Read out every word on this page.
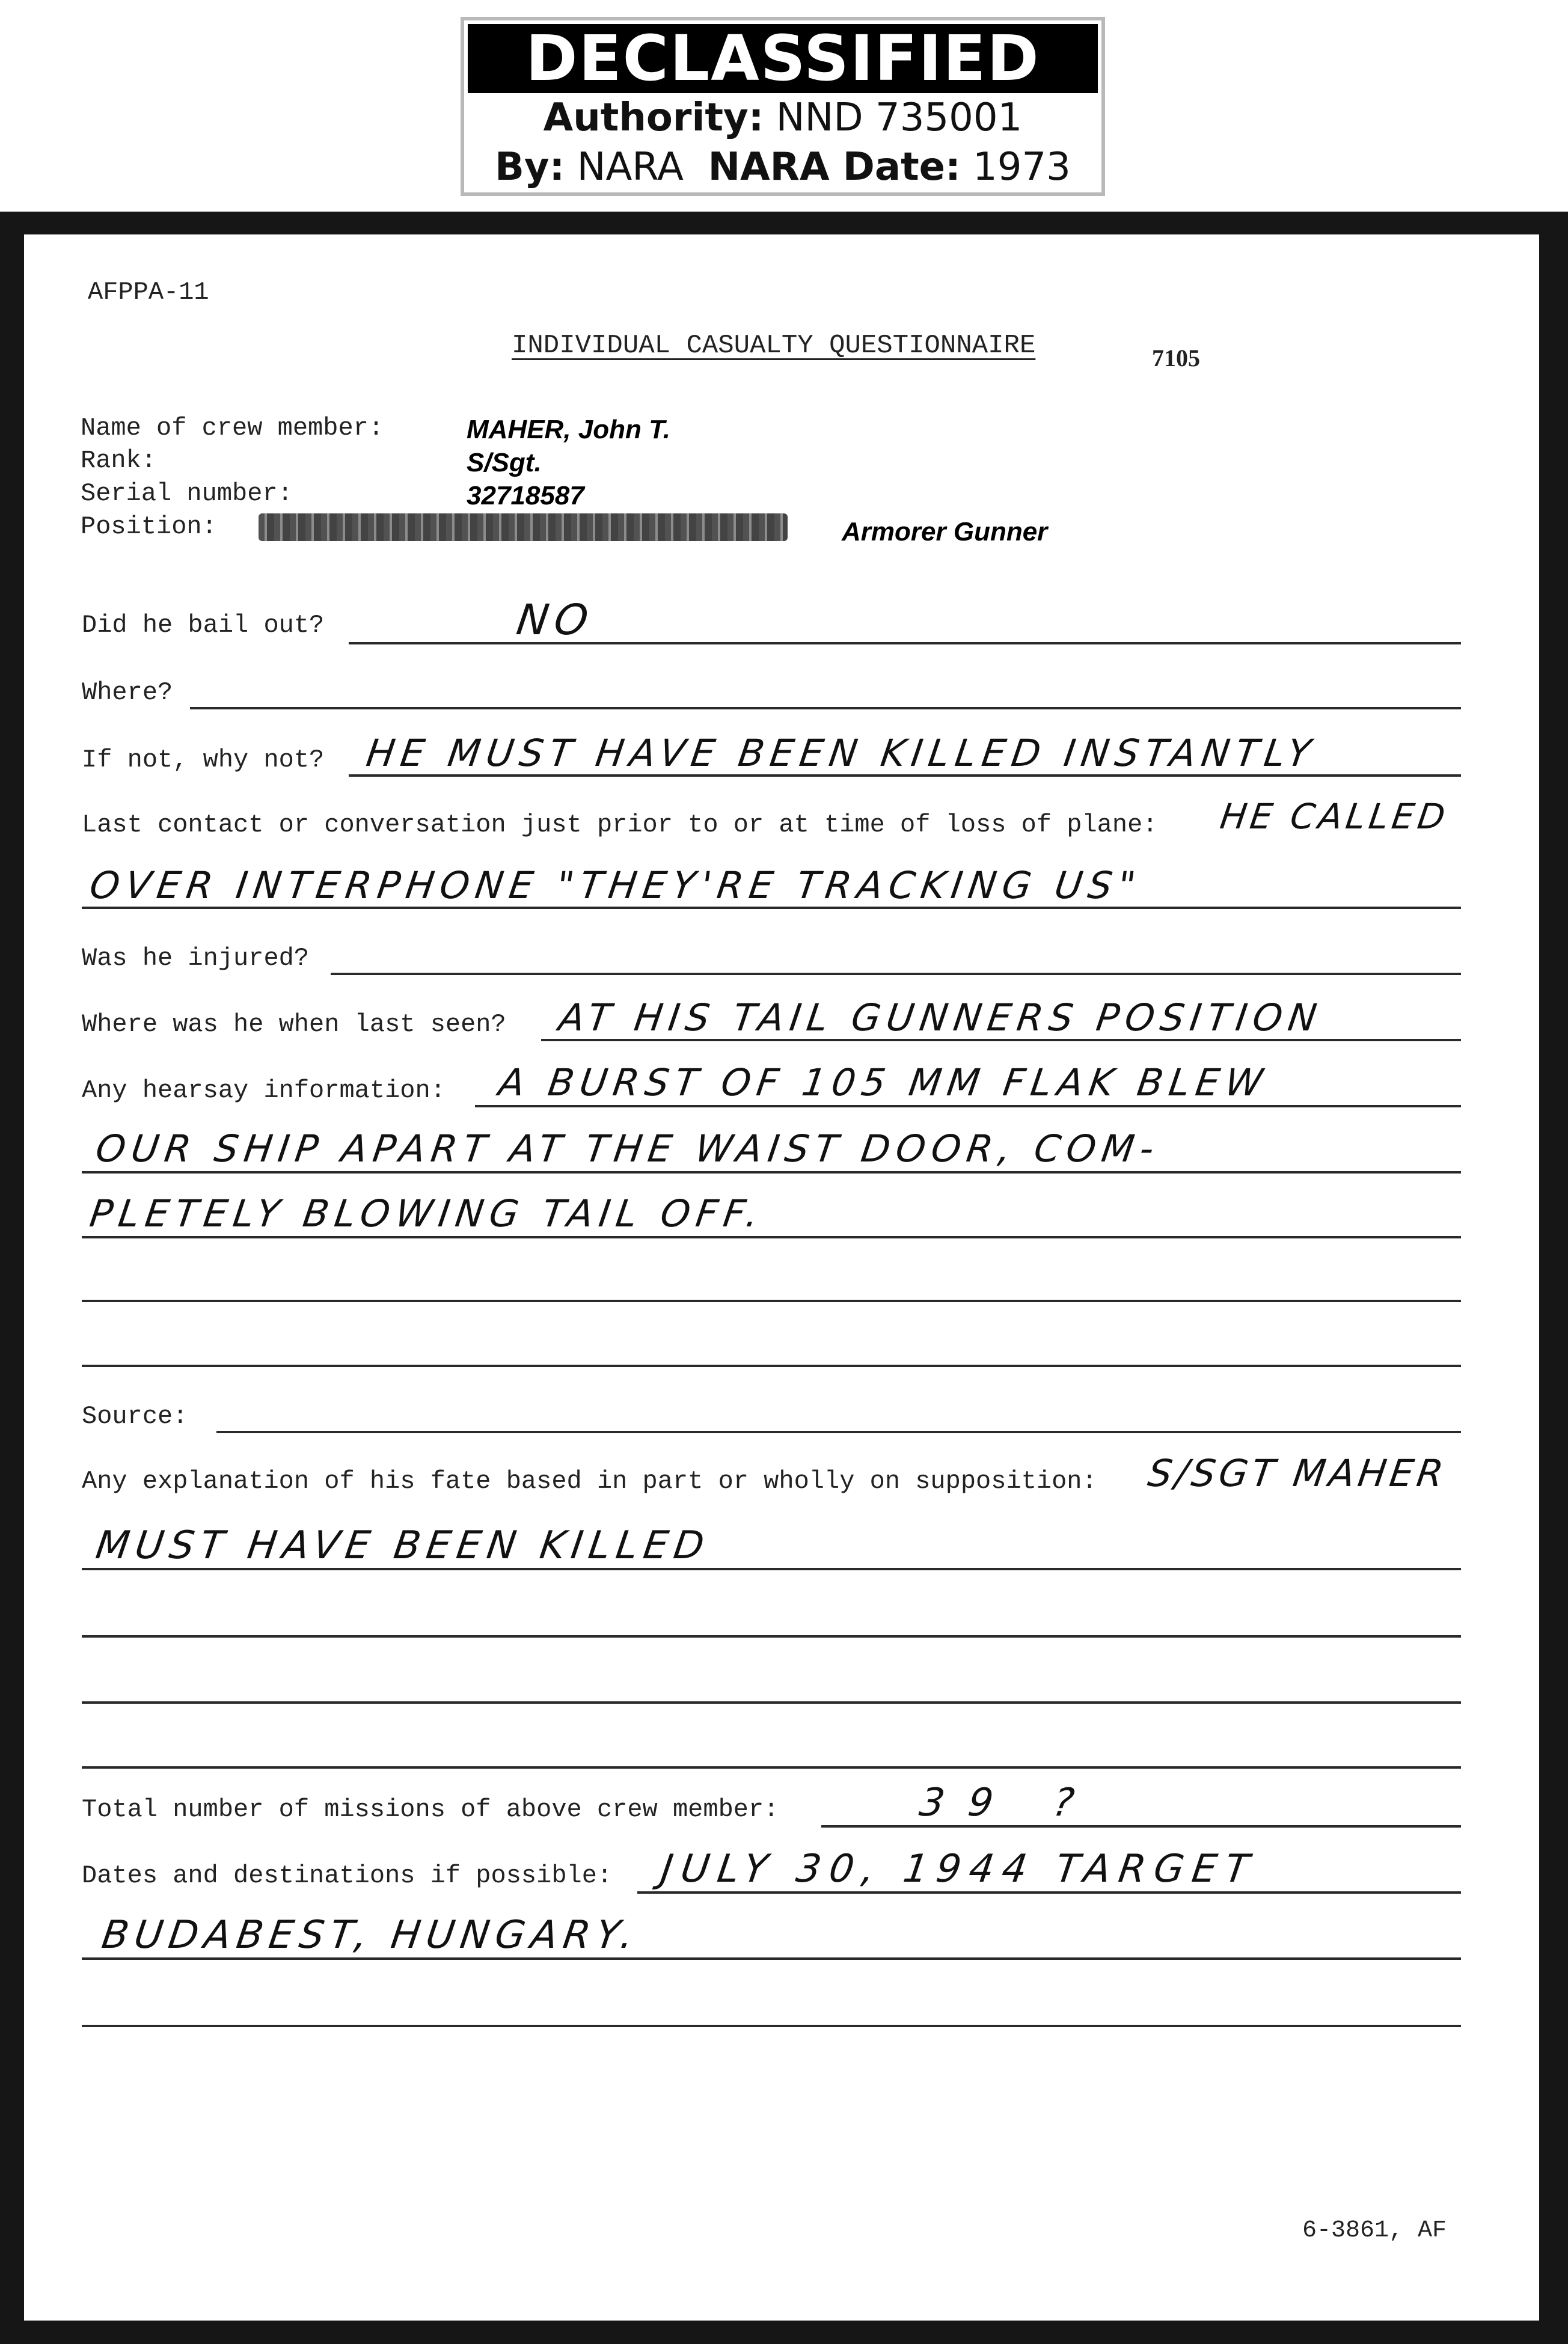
DECLASSIFIED
Authority: NND 735001
By: NARA NARA Date: 1973
AFPPA-11
INDIVIDUAL CASUALTY QUESTIONNAIRE	7105
Name of crew member:	MAHER, John T.
Rank:	S/Sgt.
Serial number:	32718587
Position:	Armorer Gunner
Did he bail out?	NO
Where?
If not, why not? HE MUST HAVE BEEN KILLED INSTANTLY
Last contact or conversation just prior to or at time of loss of plane: HE CALLED
OVER INTERPHONE "THEY'RE TRACKING US"
Was he injured?
Where was he when last seen? AT HIS TAIL GUNNERS POSITION
Any hearsay information: A BURST OF 105 MM FLAK BLEW
OUR SHIP APART AT THE WAIST DOOR, COM-
PLETELY BLOWING TAIL OFF.
Source:
Any explanation of his fate based in part or wholly on supposition: S/SGT MAHER
MUST HAVE BEEN KILLED
Total number of missions of above crew member:	39 ?
Dates and destinations if possible: JULY 30, 1944 TARGET
BUDABEST, HUNGARY.
6-3861, AF
